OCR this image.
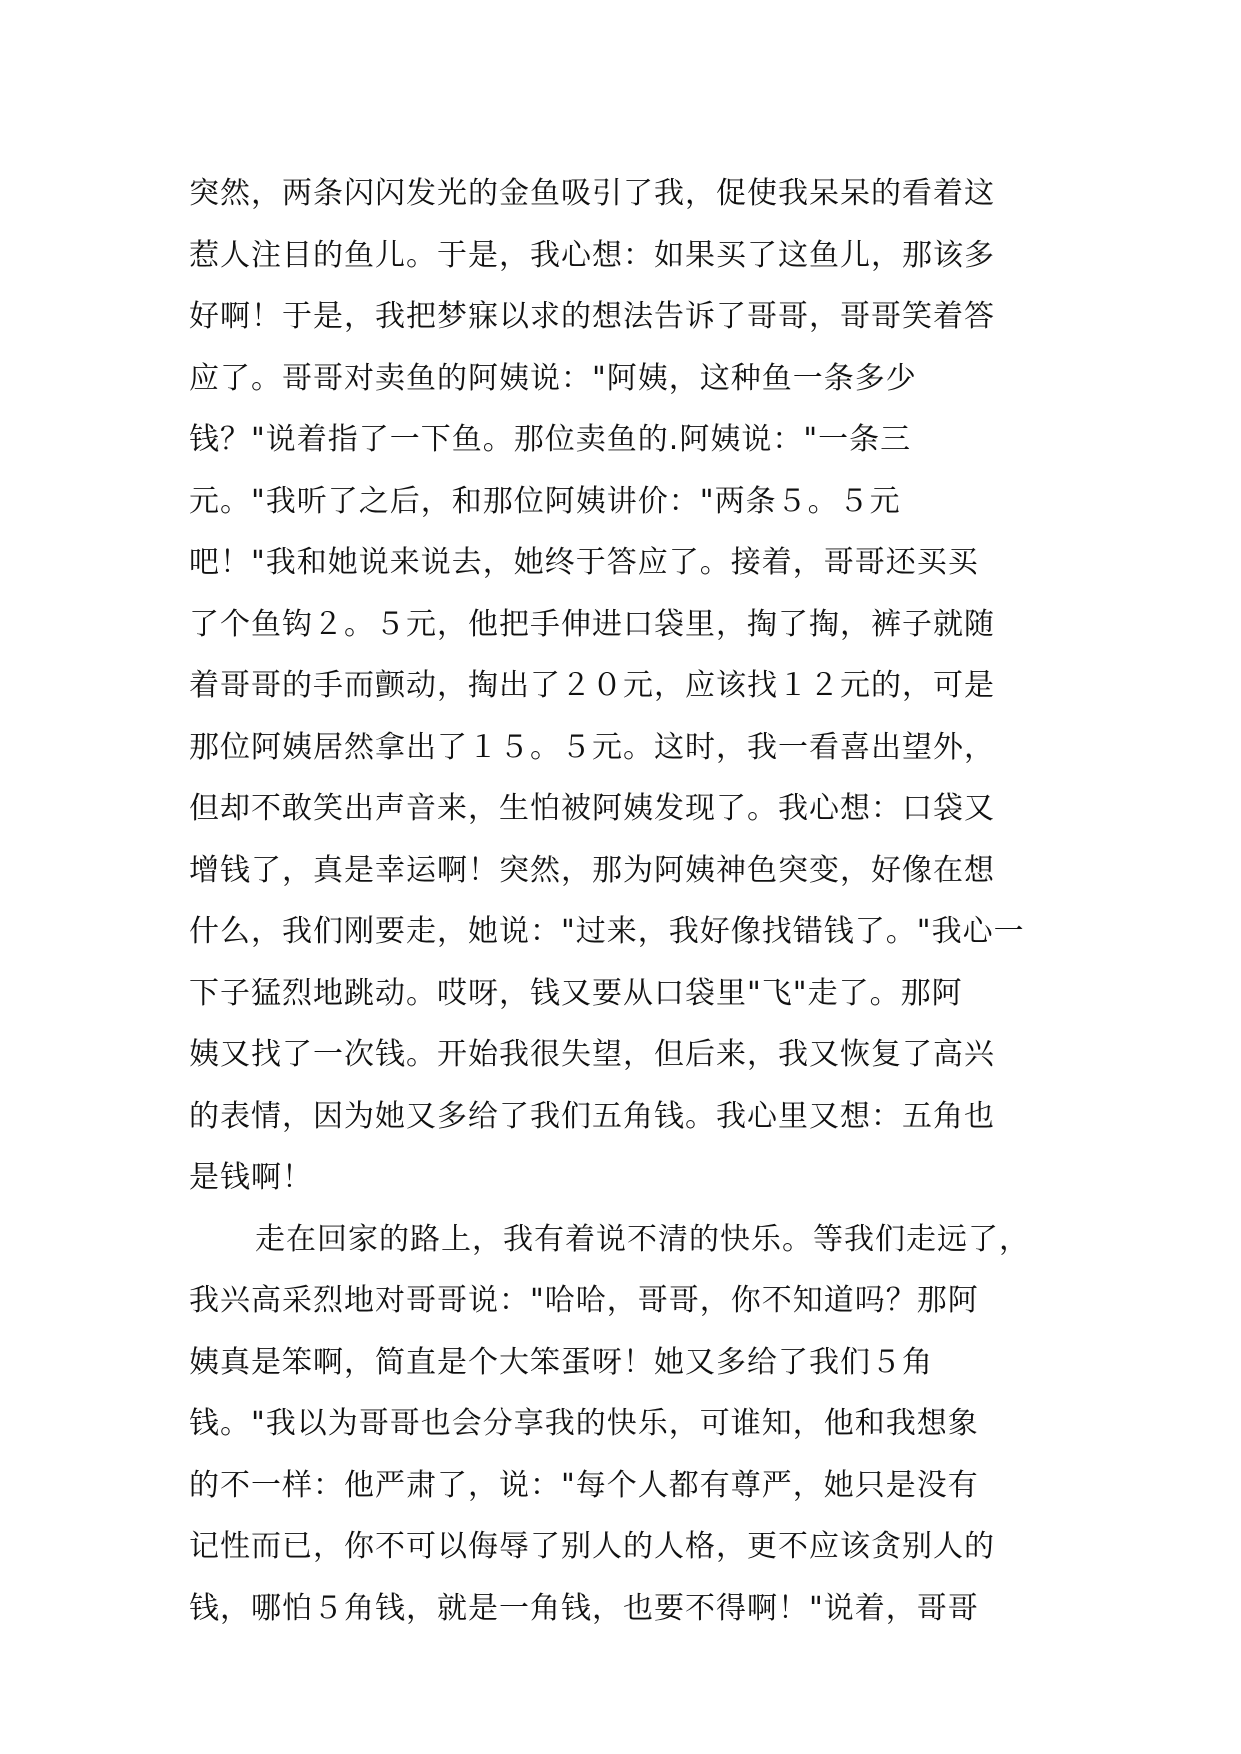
突然，两条闪闪发光的金鱼吸引了我，促使我呆呆的看着这
惹人注目的鱼儿。于是，我心想：如果买了这鱼儿，那该多
好啊！于是，我把梦寐以求的想法告诉了哥哥，哥哥笑着答
应了。哥哥对卖鱼的阿姨说："阿姨，这种鱼一条多少
钱？"说着指了一下鱼。那位卖鱼的.阿姨说："一条三
元。"我听了之后，和那位阿姨讲价："两条５。５元
吧！"我和她说来说去，她终于答应了。接着，哥哥还买买
了个鱼钩２。５元，他把手伸进口袋里，掏了掏，裤子就随
着哥哥的手而颤动，掏出了２０元，应该找１２元的，可是
那位阿姨居然拿出了１５。５元。这时，我一看喜出望外，
但却不敢笑出声音来，生怕被阿姨发现了。我心想：口袋又
增钱了，真是幸运啊！突然，那为阿姨神色突变，好像在想
什么，我们刚要走，她说："过来，我好像找错钱了。"我心一
下子猛烈地跳动。哎呀，钱又要从口袋里"飞"走了。那阿
姨又找了一次钱。开始我很失望，但后来，我又恢复了高兴
的表情，因为她又多给了我们五角钱。我心里又想：五角也
是钱啊！
走在回家的路上，我有着说不清的快乐。等我们走远了，
我兴高采烈地对哥哥说："哈哈，哥哥，你不知道吗？那阿
姨真是笨啊，简直是个大笨蛋呀！她又多给了我们５角
钱。"我以为哥哥也会分享我的快乐，可谁知，他和我想象
的不一样：他严肃了，说："每个人都有尊严，她只是没有
记性而已，你不可以侮辱了别人的人格，更不应该贪别人的
钱，哪怕５角钱，就是一角钱，也要不得啊！"说着，哥哥
